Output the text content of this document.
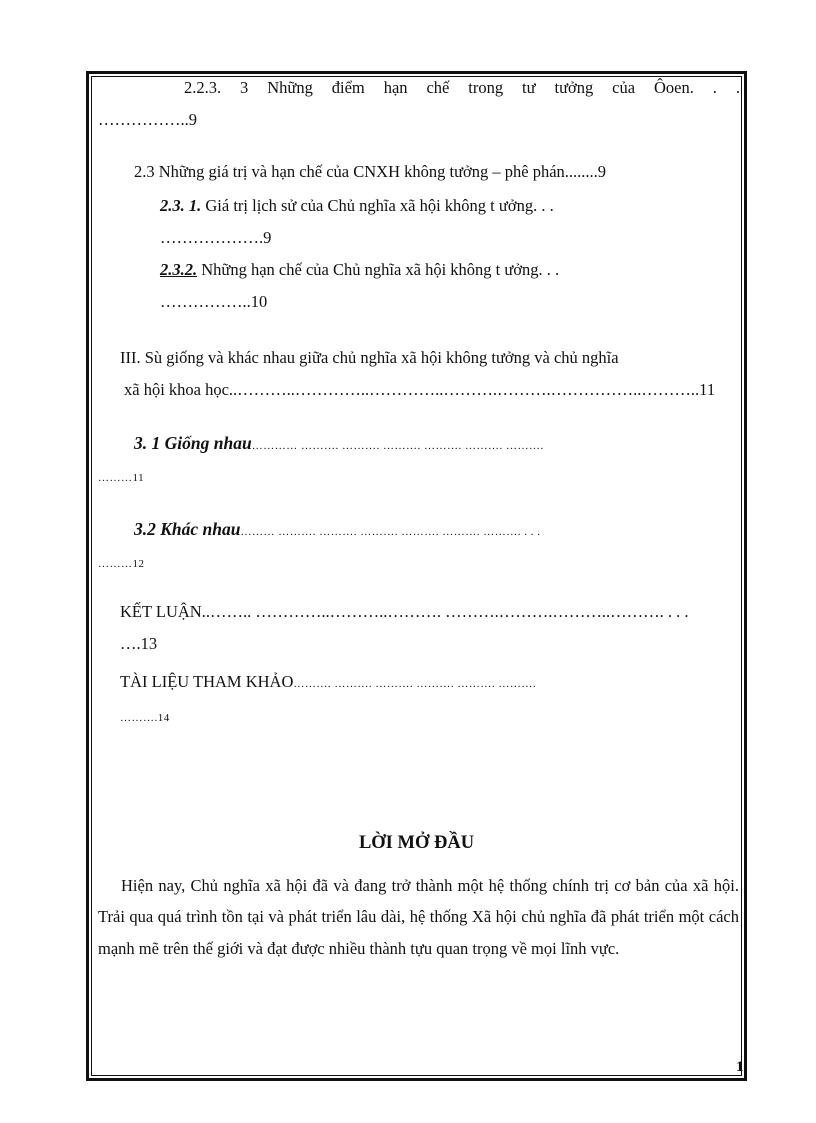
2.2.3. 3 Những điểm hạn chế trong tư tưởng của Ôoen. . .
……………..9
2.3 Những giá trị và hạn chế của CNXH không tưởng – phê phán........9
2.3. 1. Giá trị lịch sử của Chủ nghĩa xã hội không t ưởng. . .
……………….9
2.3.2. Những hạn chế của Chủ nghĩa xã hội không t ưởng. . .
……………..10
III. Sù giống và khác nhau giữa chủ nghĩa xã hội không tưởng và chủ nghĩa
xã hội khoa học..………..…………..…………..……….……….……………..………..11
3. 1 Giống nhau………… ………. ………. ………. ………. ………. ……….
………11
3.2 Khác nhau……… ………. ………. ………. ………. ………. ………. . . .
………12
KẾT LUẬN..…….. …………..………..………. ……….……….………..………. . . .
….13
TÀI LIỆU THAM KHẢO………. ………. ………. ………. ………. ……….
……….14
LỜI MỞ ĐẦU
Hiện nay, Chủ nghĩa xã hội đã và đang trở thành một hệ thống chính trị cơ bản của xã hội. Trải qua quá trình tồn tại và phát triển lâu dài, hệ thống Xã hội chủ nghĩa đã phát triển một cách mạnh mẽ trên thế giới và đạt được nhiều thành tựu quan trọng về mọi lĩnh vực.
1
